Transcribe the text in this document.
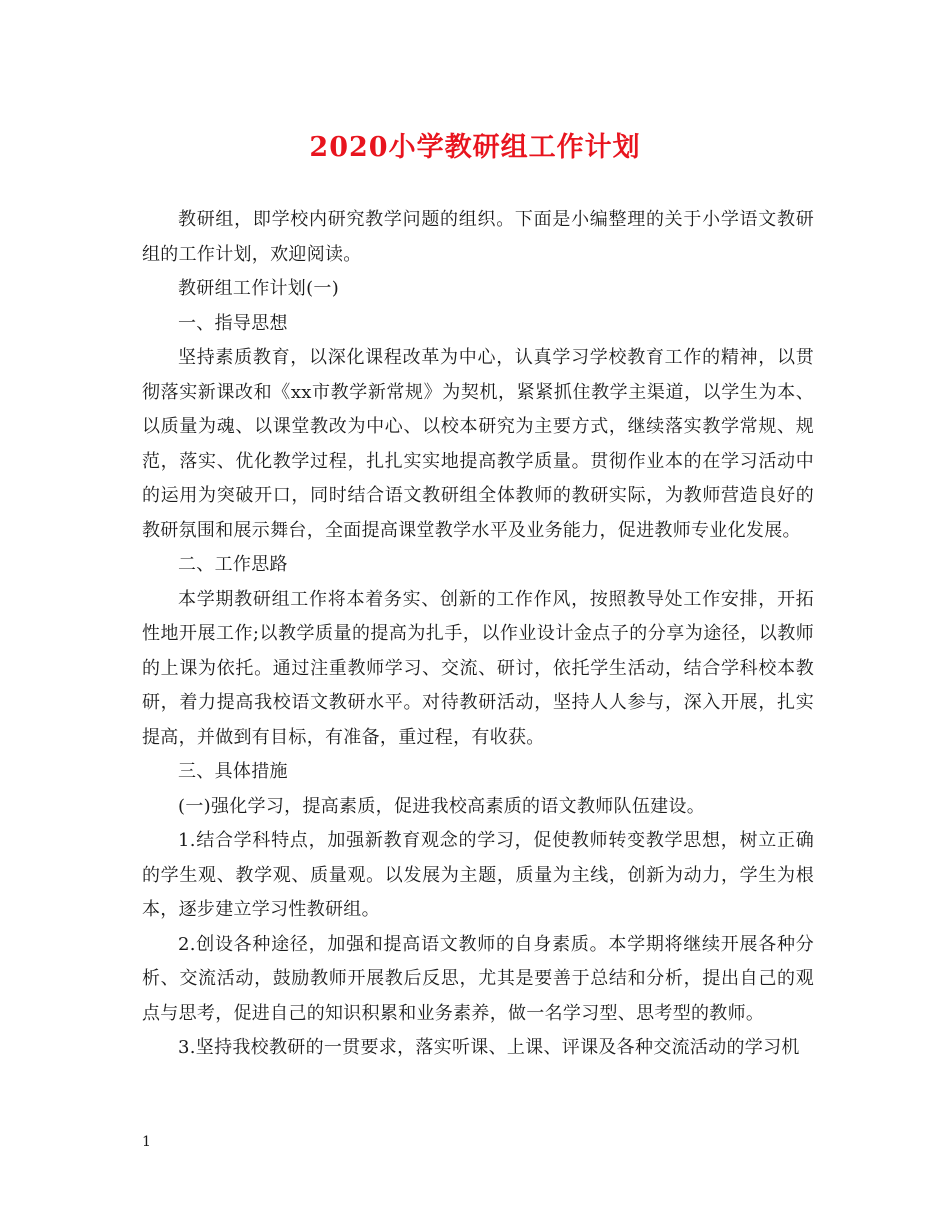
2020小学教研组工作计划

教研组，即学校内研究教学问题的组织。下面是小编整理的关于小学语文教研组的工作计划，欢迎阅读。

教研组工作计划(一)

一、指导思想

坚持素质教育，以深化课程改革为中心，认真学习学校教育工作的精神，以贯彻落实新课改和《xx市教学新常规》为契机，紧紧抓住教学主渠道，以学生为本、以质量为魂、以课堂教改为中心、以校本研究为主要方式，继续落实教学常规、规范，落实、优化教学过程，扎扎实实地提高教学质量。贯彻作业本的在学习活动中的运用为突破开口，同时结合语文教研组全体教师的教研实际，为教师营造良好的教研氛围和展示舞台，全面提高课堂教学水平及业务能力，促进教师专业化发展。

二、工作思路

本学期教研组工作将本着务实、创新的工作作风，按照教导处工作安排，开拓性地开展工作;以教学质量的提高为扎手，以作业设计金点子的分享为途径，以教师的上课为依托。通过注重教师学习、交流、研讨，依托学生活动，结合学科校本教研，着力提高我校语文教研水平。对待教研活动，坚持人人参与，深入开展，扎实提高，并做到有目标，有准备，重过程，有收获。

三、具体措施

(一)强化学习，提高素质，促进我校高素质的语文教师队伍建设。

1.结合学科特点，加强新教育观念的学习，促使教师转变教学思想，树立正确的学生观、教学观、质量观。以发展为主题，质量为主线，创新为动力，学生为根本，逐步建立学习性教研组。

2.创设各种途径，加强和提高语文教师的自身素质。本学期将继续开展各种分析、交流活动，鼓励教师开展教后反思，尤其是要善于总结和分析，提出自己的观点与思考，促进自己的知识积累和业务素养，做一名学习型、思考型的教师。

3.坚持我校教研的一贯要求，落实听课、上课、评课及各种交流活动的学习机

1
